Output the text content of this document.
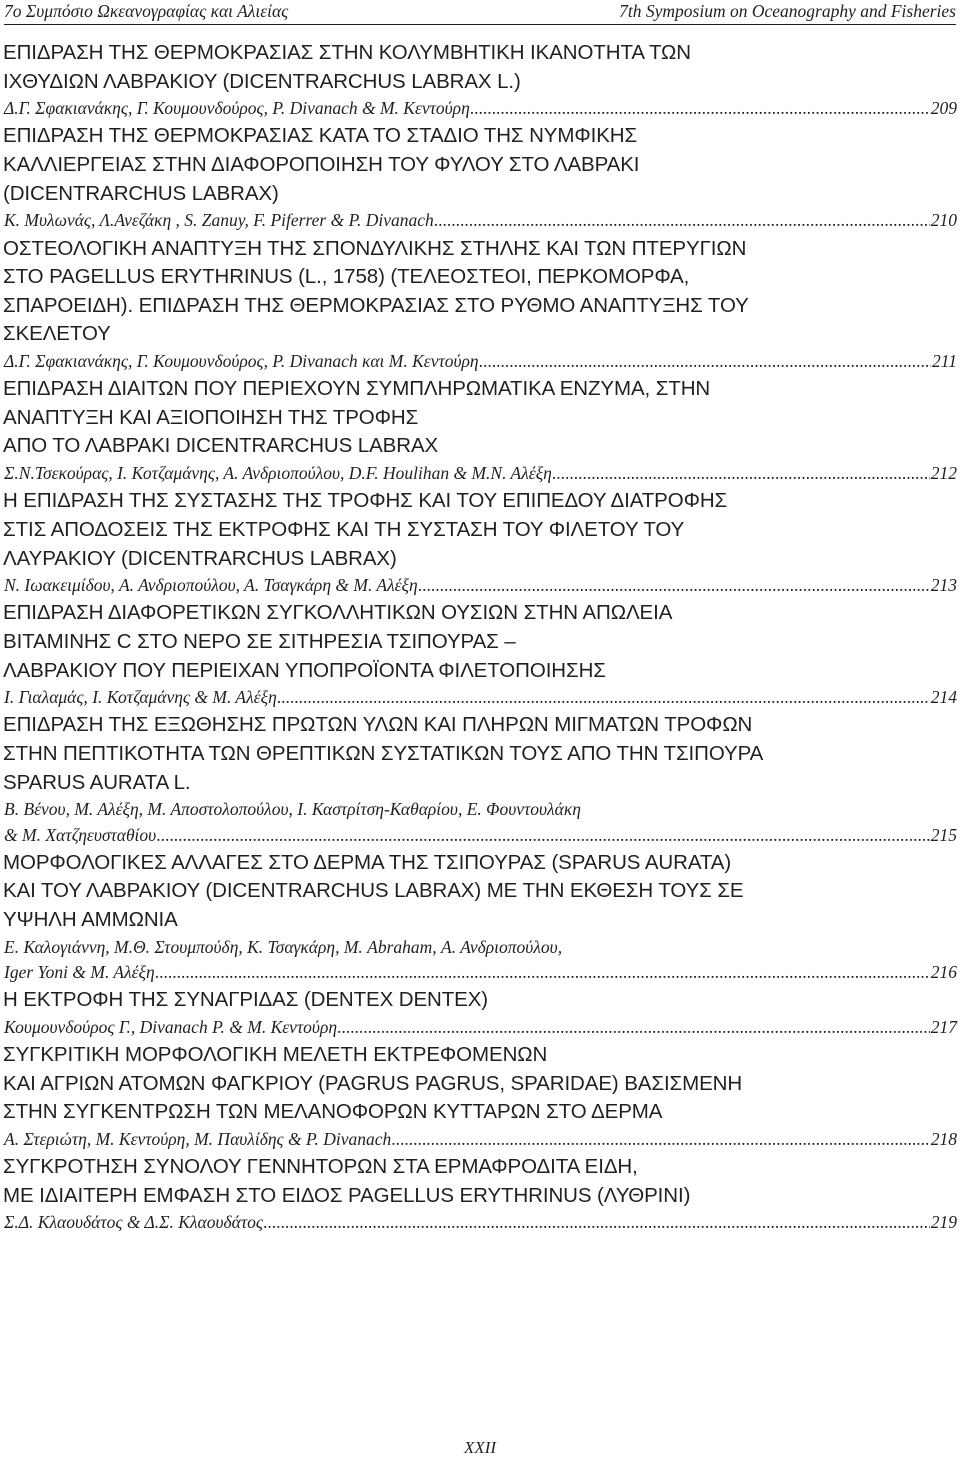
7ο Συμπόσιο Ωκεανογραφίας και Αλιείας	7th Symposium on Oceanography and Fisheries
ΕΠΙΔΡΑΣΗ ΤΗΣ ΘΕΡΜΟΚΡΑΣΙΑΣ ΣΤΗΝ ΚΟΛΥΜΒΗΤΙΚΗ ΙΚΑΝΟΤΗΤΑ ΤΩΝ
ΙΧΘΥΔΙΩΝ ΛΑΒΡΑΚΙΟΥ (DICENTRARCHUS LABRAX L.)
Δ.Γ. Σφακιανάκης, Γ. Κουμουνδούρος, P. Divanach & Μ. Κεντούρη .....	209
ΕΠΙΔΡΑΣΗ ΤΗΣ ΘΕΡΜΟΚΡΑΣΙΑΣ ΚΑΤΑ ΤΟ ΣΤΑΔΙΟ ΤΗΣ ΝΥΜΦΙΚΗΣ
ΚΑΛΛΙΕΡΓΕΙΑΣ ΣΤΗΝ ΔΙΑΦΟΡΟΠΟΙΗΣΗ ΤΟΥ ΦΥΛΟΥ ΣΤΟ ΛΑΒΡΑΚΙ
(DICENTRARCHUS LABRAX)
Κ. Μυλωνάς, Λ.Ανεζάκη , S. Zanuy, F. Piferrer & P. Divanach .....	210
ΟΣΤΕΟΛΟΓΙΚΗ ΑΝΑΠΤΥΞΗ ΤΗΣ ΣΠΟΝΔΥΛΙΚΗΣ ΣΤΗΛΗΣ ΚΑΙ ΤΩΝ ΠΤΕΡΥΓΙΩΝ
ΣΤΟ PAGELLUS ERYTHRINUS (L., 1758) (ΤΕΛΕΟΣΤΕΟΙ, ΠΕΡΚΟΜΟΡΦΑ,
ΣΠΑΡΟΕΙΔΗ). ΕΠΙΔΡΑΣΗ ΤΗΣ ΘΕΡΜΟΚΡΑΣΙΑΣ ΣΤΟ ΡΥΘΜΟ ΑΝΑΠΤΥΞΗΣ ΤΟΥ
ΣΚΕΛΕΤΟΥ
Δ.Γ. Σφακιανάκης, Γ. Κουμουνδούρος, P. Divanach και Μ. Κεντούρη .....	211
ΕΠΙΔΡΑΣΗ ΔΙΑΙΤΩΝ ΠΟΥ ΠΕΡΙΕΧΟΥΝ ΣΥΜΠΛΗΡΩΜΑΤΙΚΑ ΕΝΖΥΜΑ, ΣΤΗΝ
ΑΝΑΠΤΥΞΗ ΚΑΙ ΑΞΙΟΠΟΙΗΣΗ ΤΗΣ ΤΡΟΦΗΣ
ΑΠΟ ΤΟ ΛΑΒΡΑΚΙ DICENTRARCHUS LABRAX
Σ.Ν.Τσεκούρας, Ι. Κοτζαμάνης, Α. Ανδριοπούλου, D.F. Houlihan & Μ.Ν. Αλέξη .....	212
Η ΕΠΙΔΡΑΣΗ ΤΗΣ ΣΥΣΤΑΣΗΣ ΤΗΣ ΤΡΟΦΗΣ ΚΑΙ ΤΟΥ ΕΠΙΠΕΔΟΥ ΔΙΑΤΡΟΦΗΣ
ΣΤΙΣ ΑΠΟΔΟΣΕΙΣ ΤΗΣ ΕΚΤΡΟΦΗΣ ΚΑΙ ΤΗ ΣΥΣΤΑΣΗ ΤΟΥ ΦΙΛΕΤΟΥ ΤΟΥ
ΛΑΥΡΑΚΙΟΥ (DICENTRARCHUS LABRAX)
Ν. Ιωακειμίδου, Α. Ανδριοπούλου, Α. Τσαγκάρη & Μ. Αλέξη .....	213
ΕΠΙΔΡΑΣΗ ΔΙΑΦΟΡΕΤΙΚΩΝ ΣΥΓΚΟΛΛΗΤΙΚΩΝ ΟΥΣΙΩΝ ΣΤΗΝ ΑΠΩΛΕΙΑ
ΒΙΤΑΜΙΝΗΣ C ΣΤΟ ΝΕΡΟ ΣΕ ΣΙΤΗΡΕΣΙΑ ΤΣΙΠΟΥΡΑΣ –
ΛΑΒΡΑΚΙΟΥ ΠΟΥ ΠΕΡΙΕΙΧΑΝ ΥΠΟΠΡΟΪΟΝΤΑ ΦΙΛΕΤΟΠΟΙΗΣΗΣ
Ι. Γιαλαμάς, Ι. Κοτζαμάνης & Μ. Αλέξη .....	214
ΕΠΙΔΡΑΣΗ ΤΗΣ ΕΞΩΘΗΣΗΣ ΠΡΩΤΩΝ ΥΛΩΝ ΚΑΙ ΠΛΗΡΩΝ ΜΙΓΜΑΤΩΝ ΤΡΟΦΩΝ
ΣΤΗΝ ΠΕΠΤΙΚΟΤΗΤΑ ΤΩΝ ΘΡΕΠΤΙΚΩΝ ΣΥΣΤΑΤΙΚΩΝ ΤΟΥΣ ΑΠΟ ΤΗΝ ΤΣΙΠΟΥΡΑ
SPARUS AURATA L.
Β. Βένου, Μ. Αλέξη, Μ. Αποστολοπούλου, Ι. Καστρίτση-Καθαρίου, Ε. Φουντουλάκη
& Μ. Χατζηευσταθίου .....	215
ΜΟΡΦΟΛΟΓΙΚΕΣ ΑΛΛΑΓΕΣ ΣΤΟ ΔΕΡΜΑ ΤΗΣ ΤΣΙΠΟΥΡΑΣ (SPARUS AURATA)
ΚΑΙ ΤΟΥ ΛΑΒΡΑΚΙΟΥ (DICENTRARCHUS LABRAX) ΜΕ ΤΗΝ ΕΚΘΕΣΗ ΤΟΥΣ ΣΕ
ΥΨΗΛΗ ΑΜΜΩΝΙΑ
Ε. Καλογιάννη, Μ.Θ. Στουμπούδη, Κ. Τσαγκάρη, Μ. Abraham, Α. Ανδριοπούλου,
Iger Yoni & Μ. Αλέξη .....	216
Η ΕΚΤΡΟΦΗ ΤΗΣ ΣΥΝΑΓΡΙΔΑΣ (DENTEX DENTEX)
Κουμουνδούρος Γ., Divanach P. & Μ. Κεντούρη .....	217
ΣΥΓΚΡΙΤΙΚΗ ΜΟΡΦΟΛΟΓΙΚΗ ΜΕΛΕΤΗ ΕΚΤΡΕΦΟΜΕΝΩΝ
ΚΑΙ ΑΓΡΙΩΝ ΑΤΟΜΩΝ ΦΑΓΚΡΙΟΥ (PAGRUS PAGRUS, SPARIDAE) ΒΑΣΙΣΜΕΝΗ
ΣΤΗΝ ΣΥΓΚΕΝΤΡΩΣΗ ΤΩΝ ΜΕΛΑΝΟΦΟΡΩΝ ΚΥΤΤΑΡΩΝ ΣΤΟ ΔΕΡΜΑ
Α. Στεριώτη, Μ. Κεντούρη, Μ. Παυλίδης & P. Divanach .....	218
ΣΥΓΚΡΟΤΗΣΗ ΣΥΝΟΛΟΥ ΓΕΝΝΗΤΟΡΩΝ ΣΤΑ ΕΡΜΑΦΡΟΔΙΤΑ ΕΙΔΗ,
ΜΕ ΙΔΙΑΙΤΕΡΗ ΕΜΦΑΣΗ ΣΤΟ ΕΙΔΟΣ PAGELLUS ERYTHRINUS (ΛΥΘΡΙΝΙ)
Σ.Δ. Κλαουδάτος & Δ.Σ. Κλαουδάτος .....	219
XXII
